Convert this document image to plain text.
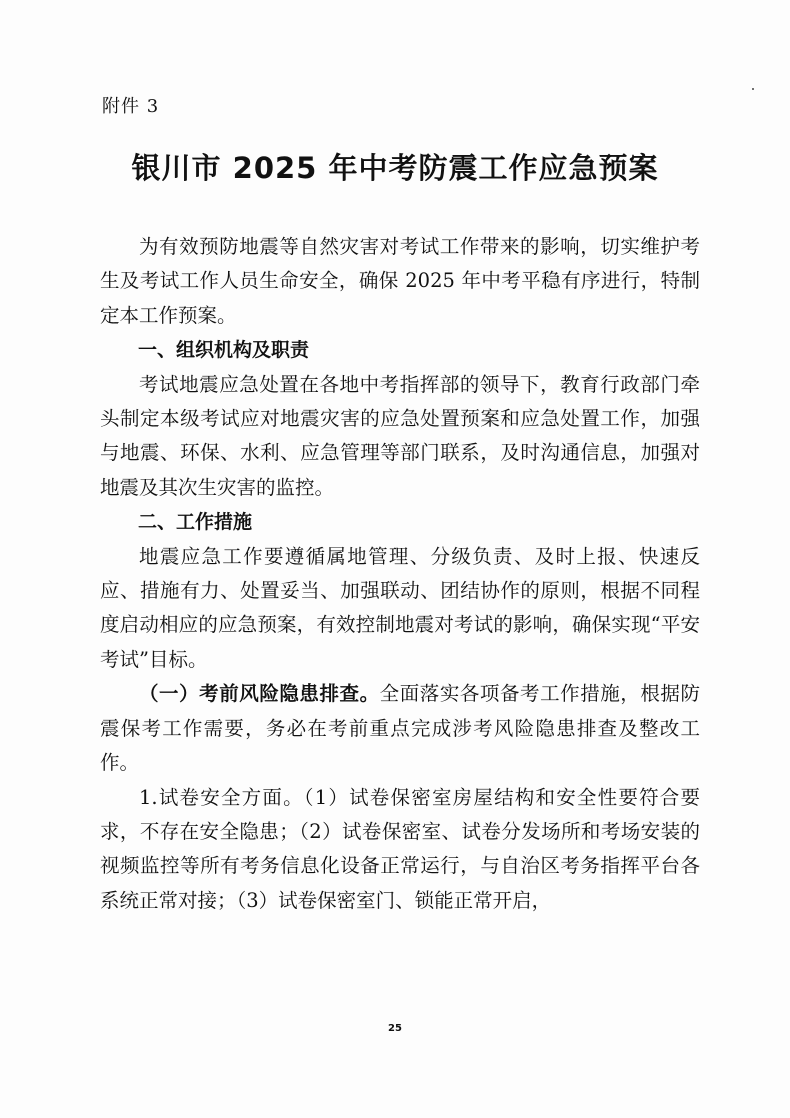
附件 3
银川市 2025 年中考防震工作应急预案

为有效预防地震等自然灾害对考试工作带来的影响，切实维护考生及考试工作人员生命安全，确保 2025 年中考平稳有序进行，特制定本工作预案。

一、组织机构及职责

考试地震应急处置在各地中考指挥部的领导下，教育行政部门牵头制定本级考试应对地震灾害的应急处置预案和应急处置工作，加强与地震、环保、水利、应急管理等部门联系，及时沟通信息，加强对地震及其次生灾害的监控。

二、工作措施

地震应急工作要遵循属地管理、分级负责、及时上报、快速反应、措施有力、处置妥当、加强联动、团结协作的原则，根据不同程度启动相应的应急预案，有效控制地震对考试的影响，确保实现“平安考试”目标。

（一）考前风险隐患排查。全面落实各项备考工作措施，根据防震保考工作需要，务必在考前重点完成涉考风险隐患排查及整改工作。

1.试卷安全方面。（1）试卷保密室房屋结构和安全性要符合要求，不存在安全隐患；（2）试卷保密室、试卷分发场所和考场安装的视频监控等所有考务信息化设备正常运行，与自治区考务指挥平台各系统正常对接；（3）试卷保密室门、锁能正常开启，

25
